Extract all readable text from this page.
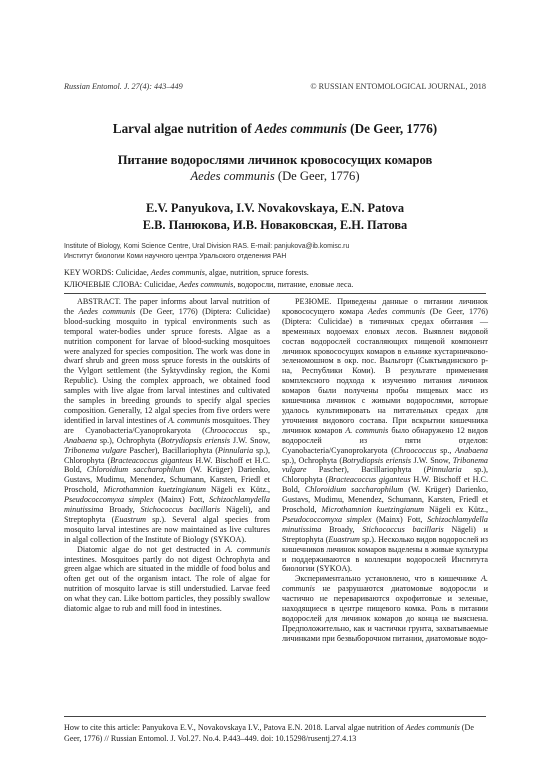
Russian Entomol. J. 27(4): 443–449	© RUSSIAN ENTOMOLOGICAL JOURNAL, 2018
Larval algae nutrition of Aedes communis (De Geer, 1776)
Питание водорослями личинок кровососущих комаров
Aedes communis (De Geer, 1776)
E.V. Panyukova, I.V. Novakovskaya, E.N. Patova
Е.В. Панюкова, И.В. Новаковская, Е.Н. Патова
Institute of Biology, Komi Science Centre, Ural Division RAS. E-mail: panjukova@ib.komisc.ru
Институт биологии Коми научного центра Уральского отделения РАН
KEY WORDS: Culicidae, Aedes communis, algae, nutrition, spruce forests.
КЛЮЧЕВЫЕ СЛОВА: Culicidae, Aedes communis, водоросли, питание, еловые леса.

ABSTRACT. The paper informs about larval nutrition of the Aedes communis (De Geer, 1776) (Diptera: Culicidae) blood-sucking mosquito in typical environments such as temporal water-bodies under spruce forests. Algae as a nutrition component for larvae of blood-sucking mosquitoes were analyzed for species composition. The work was done in dwarf shrub and green moss spruce forests in the outskirts of the Vylgort settlement (the Syktyvdinsky region, the Komi Republic). Using the complex approach, we obtained food samples with live algae from larval intestines and cultivated the samples in breeding grounds to specify algal species composition. Generally, 12 algal species from five orders were identified in larval intestines of A. communis mosquitoes. They are Cyanobacteria/Cyanoprokaryota (Chroococcus sp., Anabaena sp.), Ochrophyta (Botrydiopsis eriensis J.W. Snow, Tribonema vulgare Pascher), Bacillariophyta (Pinnularia sp.), Chlorophyta (Bracteacoccus giganteus H.W. Bischoff et H.C. Bold, Chloroidium saccharophilum (W. Krüger) Darienko, Gustavs, Mudimu, Menendez, Schumann, Karsten, Friedl et Proschold, Microthamnion kuetzingianum Nägeli ex Kütz., Pseudococcomyxa simplex (Mainx) Fott, Schizochlamydella minutissima Broady, Stichococcus bacillaris Nägeli), and Streptophyta (Euastrum sp.). Several algal species from mosquito larval intestines are now maintained as live cultures in algal collection of the Institute of Biology (SYKOA).

Diatomic algae do not get destructed in A. communis intestines. Mosquitoes partly do not digest Ochrophyta and green algae which are situated in the middle of food bolus and often get out of the organism intact. The role of algae for nutrition of mosquito larvae is still understudied. Larvae feed on what they can. Like bottom particles, they possibly swallow diatomic algae to rub and mill food in intestines.

РЕЗЮМЕ. Приведены данные о питании личинок кровососущего комара Aedes communis (De Geer, 1776) (Diptera: Culicidae) в типичных средах обитания — временных водоемах еловых лесов. Выявлен видовой состав водорослей составляющих пищевой компонент личинок кровососущих комаров в ельнике кустарничково-зеленомошном в окр. пос. Выльгорт (Сыктывдинского р-на, Республики Коми). В результате применения комплексного подхода к изучению питания личинок комаров были получены пробы пищевых масс из кишечника личинок с живыми водорослями, которые удалось культивировать на питательных средах для уточнения видового состава. При вскрытии кишечника личинок комаров A. communis было обнаружено 12 видов водорослей из пяти отделов: Cyanobacteria/Cyanoprokaryota (Chroococcus sp., Anabaena sp.), Ochrophyta (Botrydiopsis eriensis J.W. Snow, Tribonema vulgare Pascher), Bacillariophyta (Pinnularia sp.), Chlorophyta (Bracteacoccus giganteus H.W. Bischoff et H.C. Bold, Chloroidium saccharophilum (W. Krüger) Darienko, Gustavs, Mudimu, Menendez, Schumann, Karsten, Friedl et Proschold, Microthamnion kuetzingianum Nägeli ex Kütz., Pseudococcomyxa simplex (Mainx) Fott, Schizochlamydella minutissima Broady, Stichococcus bacillaris Nägeli) и Streptophyta (Euastrum sp.). Несколько видов водорослей из кишечников личинок комаров выделены в живые культуры и поддерживаются в коллекции водорослей Института биологии (SYKOA).

Экспериментально установлено, что в кишечнике A. communis не разрушаются диатомовые водоросли и частично не перевариваются охрофитовые и зеленые, находящиеся в центре пищевого комка. Роль в питании водорослей для личинок комаров до конца не выяснена. Предположительно, как и частички грунта, захватываемые личинками при безвыборочном питании, диатомовые водо-

How to cite this article: Panyukova E.V., Novakovskaya I.V., Patova E.N. 2018. Larval algae nutrition of Aedes communis (De Geer, 1776) // Russian Entomol. J. Vol.27. No.4. P.443–449. doi: 10.15298/rusentj.27.4.13
